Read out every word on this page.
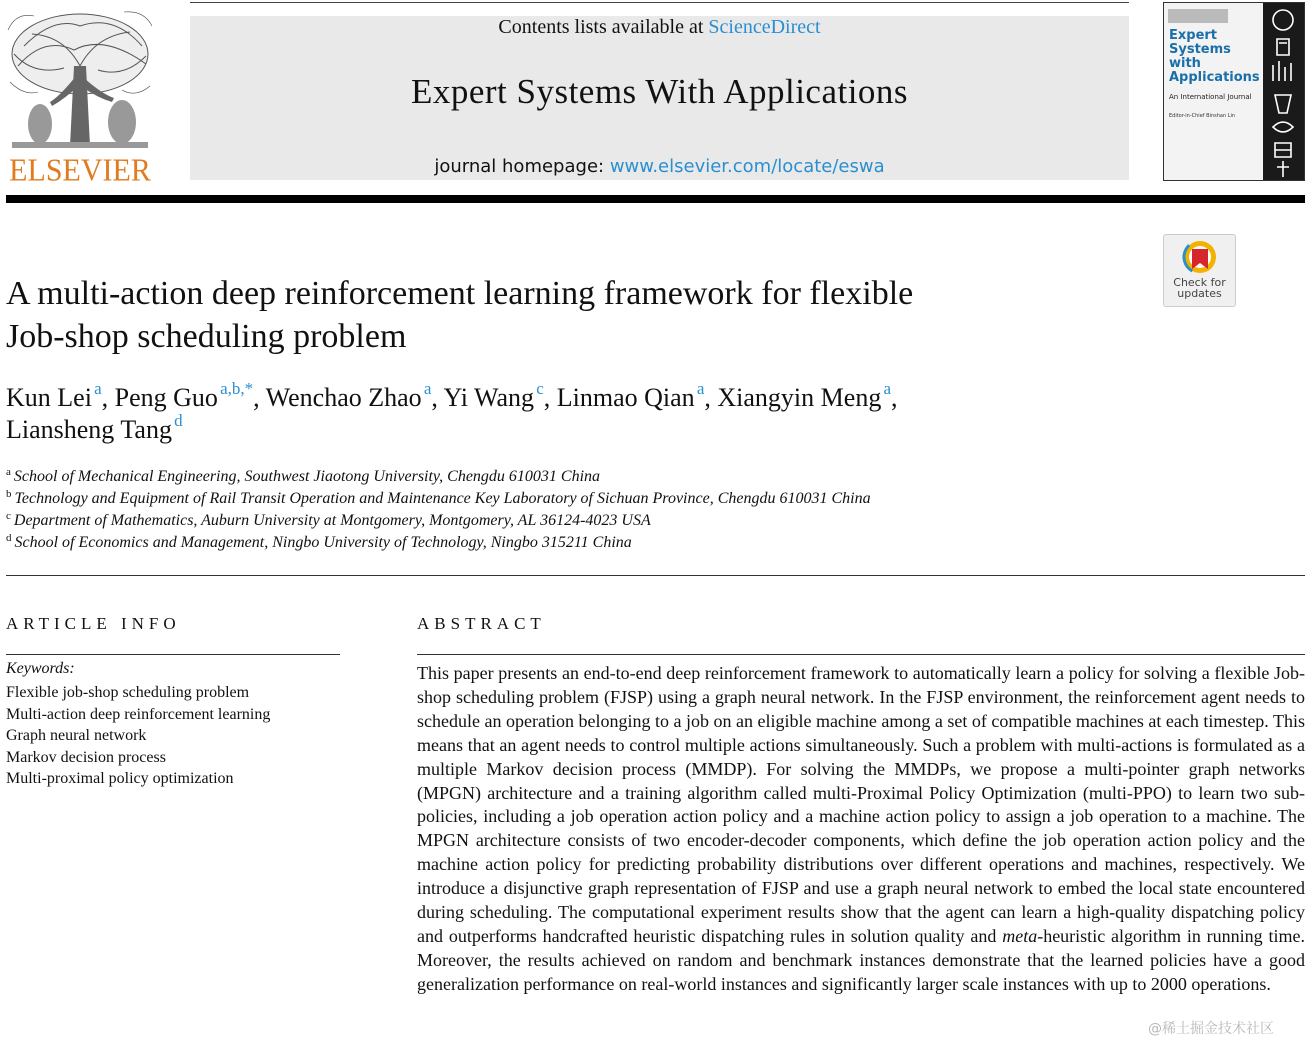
ELSEVIER
Contents lists available at ScienceDirect
Expert Systems With Applications
journal homepage: www.elsevier.com/locate/eswa
Expert
Systems
with
Applications
An International Journal
Editor-in-Chief Binshan Lin
Check for
updates
A multi-action deep reinforcement learning framework for flexible
Job-shop scheduling problem
Kun Lei  $^a$, Peng Guo  $^{a,b,*}$, Wenchao Zhao  $^a$, Yi Wang  $^c$, Linmao Qian  $^a$, Xiangyin Meng  $^a$,
Liansheng Tang  $^d$
$^a$ School of Mechanical Engineering, Southwest Jiaotong University, Chengdu 610031 China
$^b$ Technology and Equipment of Rail Transit Operation and Maintenance Key Laboratory of Sichuan Province, Chengdu 610031 China
$^c$ Department of Mathematics, Auburn University at Montgomery, Montgomery, AL 36124-4023 USA
$^d$ School of Economics and Management, Ningbo University of Technology, Ningbo 315211 China
ARTICLE INFO
Keywords:
Flexible job-shop scheduling problem
Multi-action deep reinforcement learning
Graph neural network
Markov decision process
Multi-proximal policy optimization
ABSTRACT
This paper presents an end-to-end deep reinforcement framework to automatically learn a policy for solving a flexible Job-shop scheduling problem (FJSP) using a graph neural network. In the FJSP environment, the reinforcement agent needs to schedule an operation belonging to a job on an eligible machine among a set of compatible machines at each timestep. This means that an agent needs to control multiple actions simultaneously. Such a problem with multi-actions is formulated as a multiple Markov decision process (MMDP). For solving the MMDPs, we propose a multi-pointer graph networks (MPGN) architecture and a training algorithm called multi-Proximal Policy Optimization (multi-PPO) to learn two sub-policies, including a job operation action policy and a machine action policy to assign a job operation to a machine. The MPGN architecture consists of two encoder-decoder components, which define the job operation action policy and the machine action policy for predicting probability distributions over different operations and machines, respectively. We introduce a disjunctive graph representation of FJSP and use a graph neural network to embed the local state encountered during scheduling. The computational experiment results show that the agent can learn a high-quality dispatching policy and outperforms handcrafted heuristic dispatching rules in solution quality and meta-heuristic algorithm in running time. Moreover, the results achieved on random and benchmark instances demonstrate that the learned policies have a good generalization performance on real-world instances and significantly larger scale instances with up to 2000 operations.
@稀土掘金技术社区
